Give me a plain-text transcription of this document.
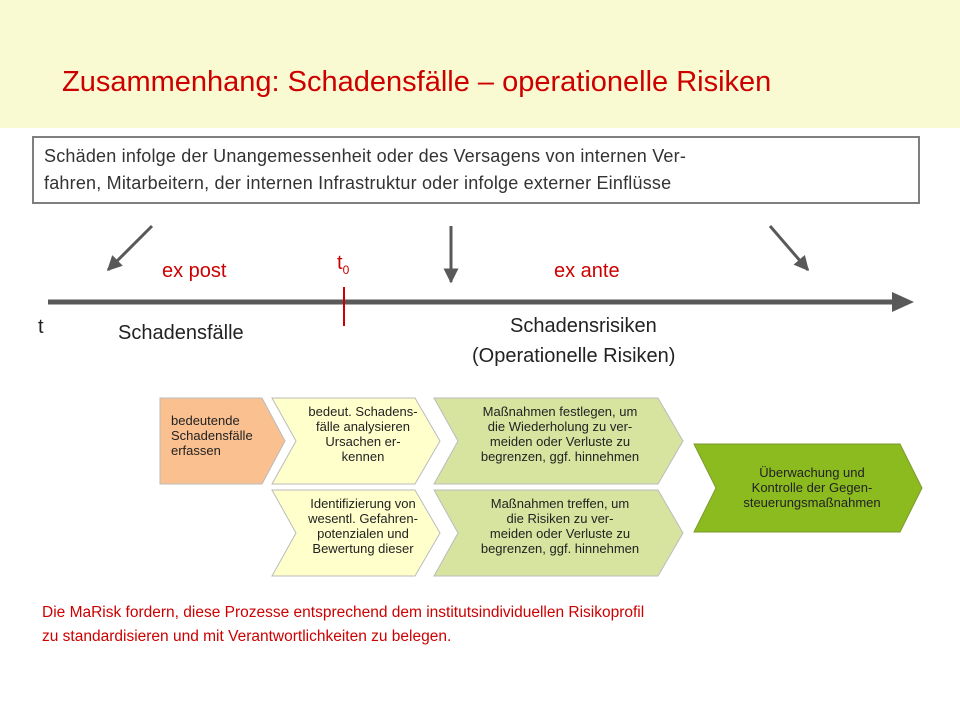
Zusammenhang: Schadensfälle – operationelle Risiken
Schäden infolge der Unangemessenheit oder des Versagens von internen Ver-
fahren, Mitarbeitern, der internen Infrastruktur oder infolge externer Einflüsse
ex post	ex ante
$t_0$
t	Schadensfälle	Schadensrisiken
(Operationelle Risiken)
bedeutende
Schadensfälle
erfassen
bedeut. Schadens-
fälle analysieren
Ursachen er-
kennen
Identifizierung von
wesentl. Gefahren-
potenzialen und
Bewertung dieser
Maßnahmen festlegen, um
die Wiederholung zu ver-
meiden oder Verluste zu
begrenzen, ggf. hinnehmen
Maßnahmen treffen, um
die Risiken zu ver-
meiden oder Verluste zu
begrenzen, ggf. hinnehmen
Überwachung und
Kontrolle der Gegen-
steuerungsmaßnahmen
Die MaRisk fordern, diese Prozesse entsprechend dem institutsindividuellen Risikoprofil
zu standardisieren und mit Verantwortlichkeiten zu belegen.
